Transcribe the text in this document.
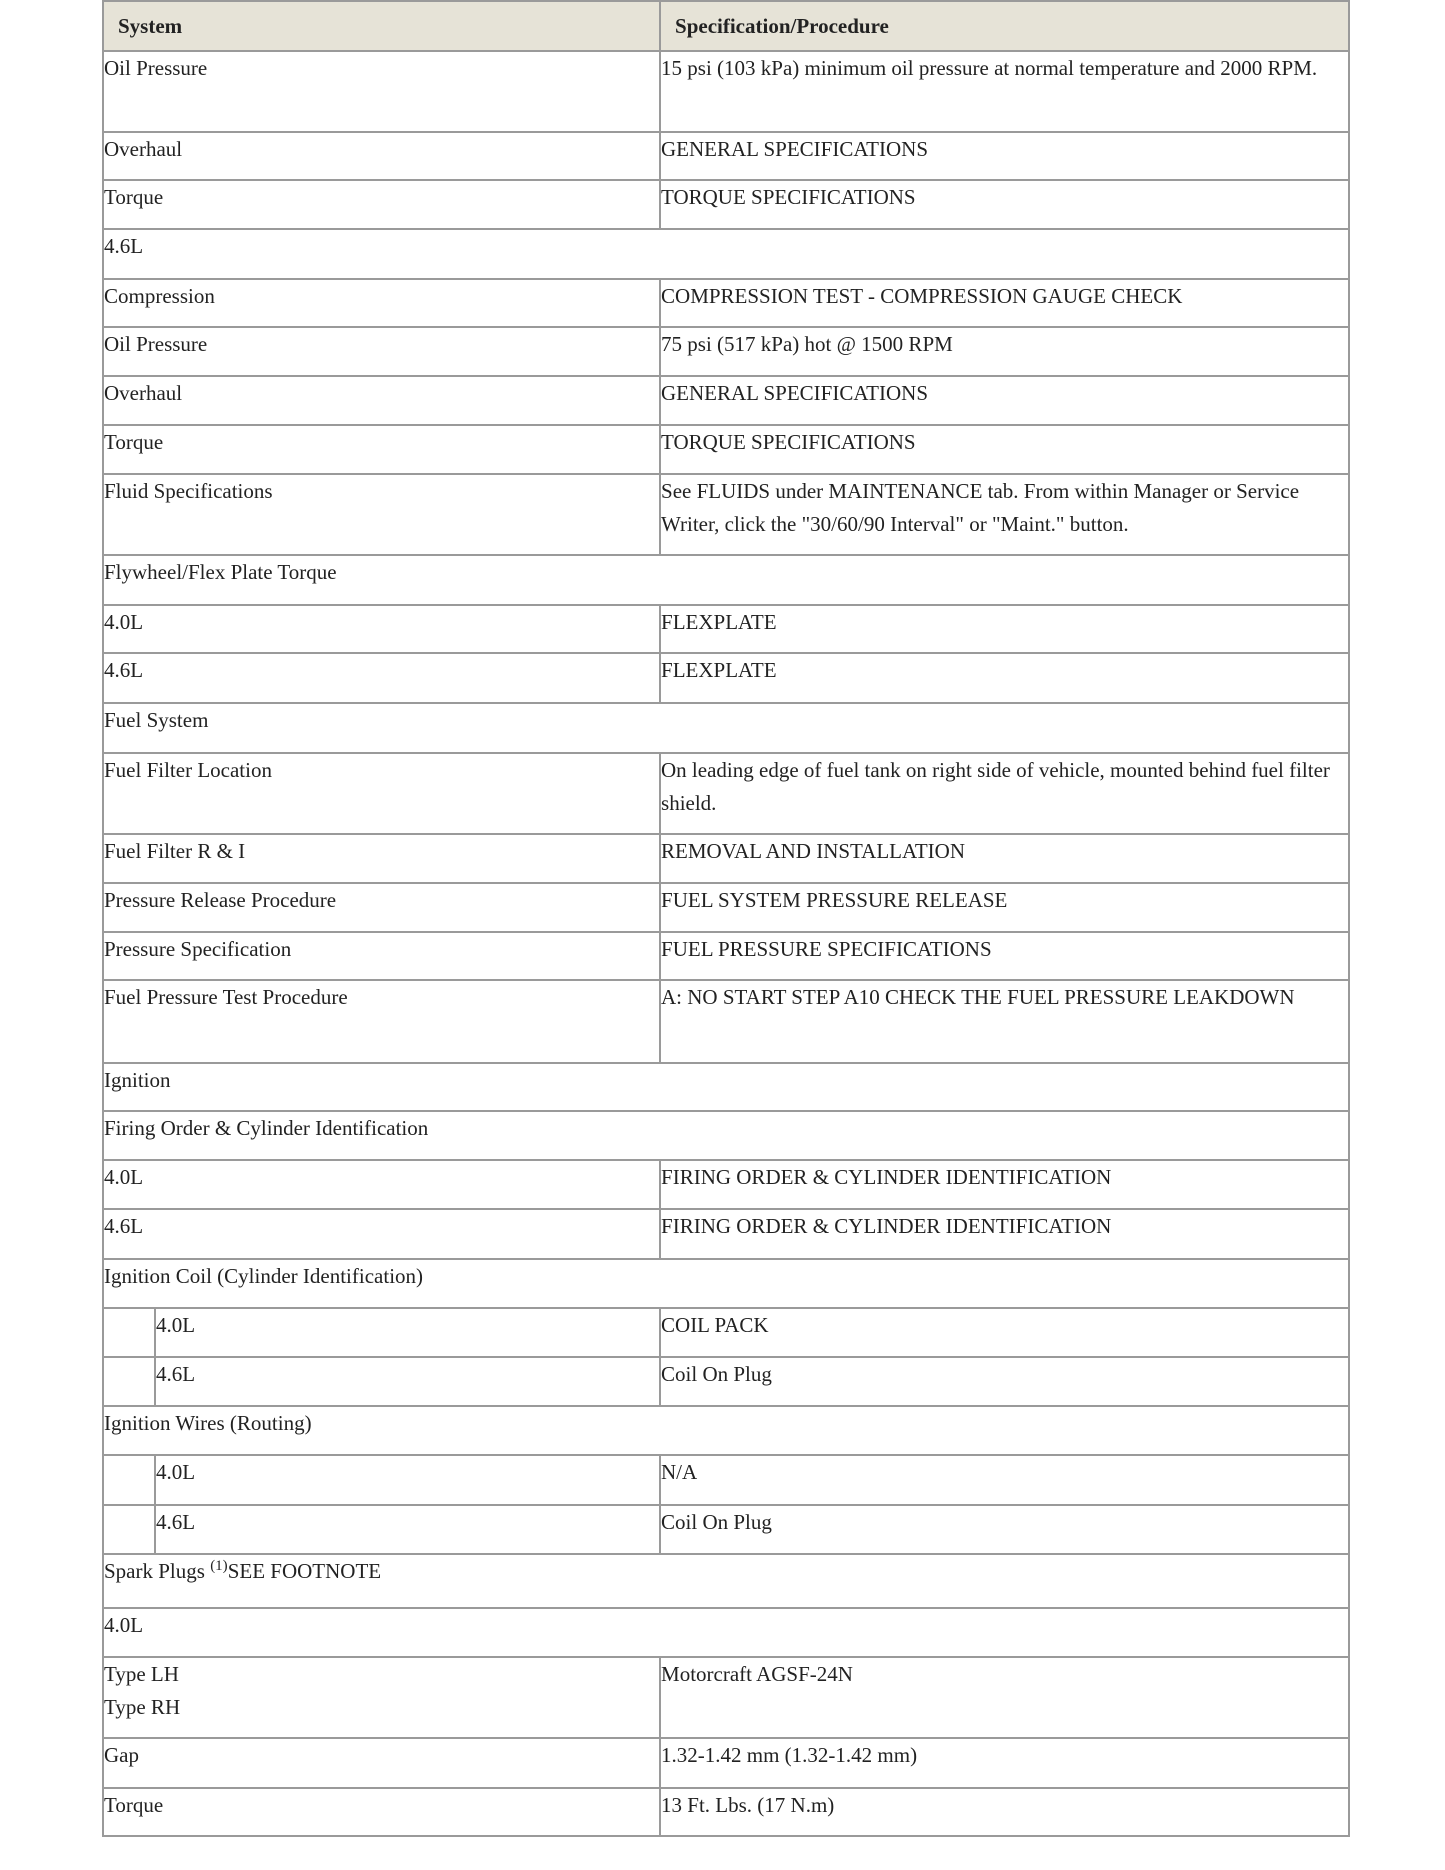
System		Specification/Procedure
Oil Pressure		15 psi (103 kPa) minimum oil pressure at normal temperature and 2000 RPM.
Overhaul		GENERAL SPECIFICATIONS
Torque		TORQUE SPECIFICATIONS
4.6L		
Compression		COMPRESSION TEST - COMPRESSION GAUGE CHECK
Oil Pressure		75 psi (517 kPa) hot @ 1500 RPM
Overhaul		GENERAL SPECIFICATIONS
Torque		TORQUE SPECIFICATIONS
Fluid Specifications		See FLUIDS under MAINTENANCE tab. From within Manager or Service Writer, click the "30/60/90 Interval" or "Maint." button.
Flywheel/Flex Plate Torque		
4.0L		FLEXPLATE
4.6L		FLEXPLATE
Fuel System		
Fuel Filter Location		On leading edge of fuel tank on right side of vehicle, mounted behind fuel filter shield.
Fuel Filter R & I		REMOVAL AND INSTALLATION
Pressure Release Procedure		FUEL SYSTEM PRESSURE RELEASE
Pressure Specification		FUEL PRESSURE SPECIFICATIONS
Fuel Pressure Test Procedure		A: NO START STEP A10 CHECK THE FUEL PRESSURE LEAKDOWN
Ignition		
Firing Order & Cylinder Identification		
4.0L		FIRING ORDER & CYLINDER IDENTIFICATION
4.6L		FIRING ORDER & CYLINDER IDENTIFICATION
Ignition Coil (Cylinder Identification)		
	4.0L	COIL PACK
	4.6L	Coil On Plug
Ignition Wires (Routing)		
	4.0L	N/A
	4.6L	Coil On Plug
Spark Plugs $^{(1)}$SEE FOOTNOTE		
4.0L		

Type LH
Type RH		Motorcraft AGSF-24N
Gap		1.32-1.42 mm (1.32-1.42 mm)
Torque		13 Ft. Lbs. (17 N.m)
